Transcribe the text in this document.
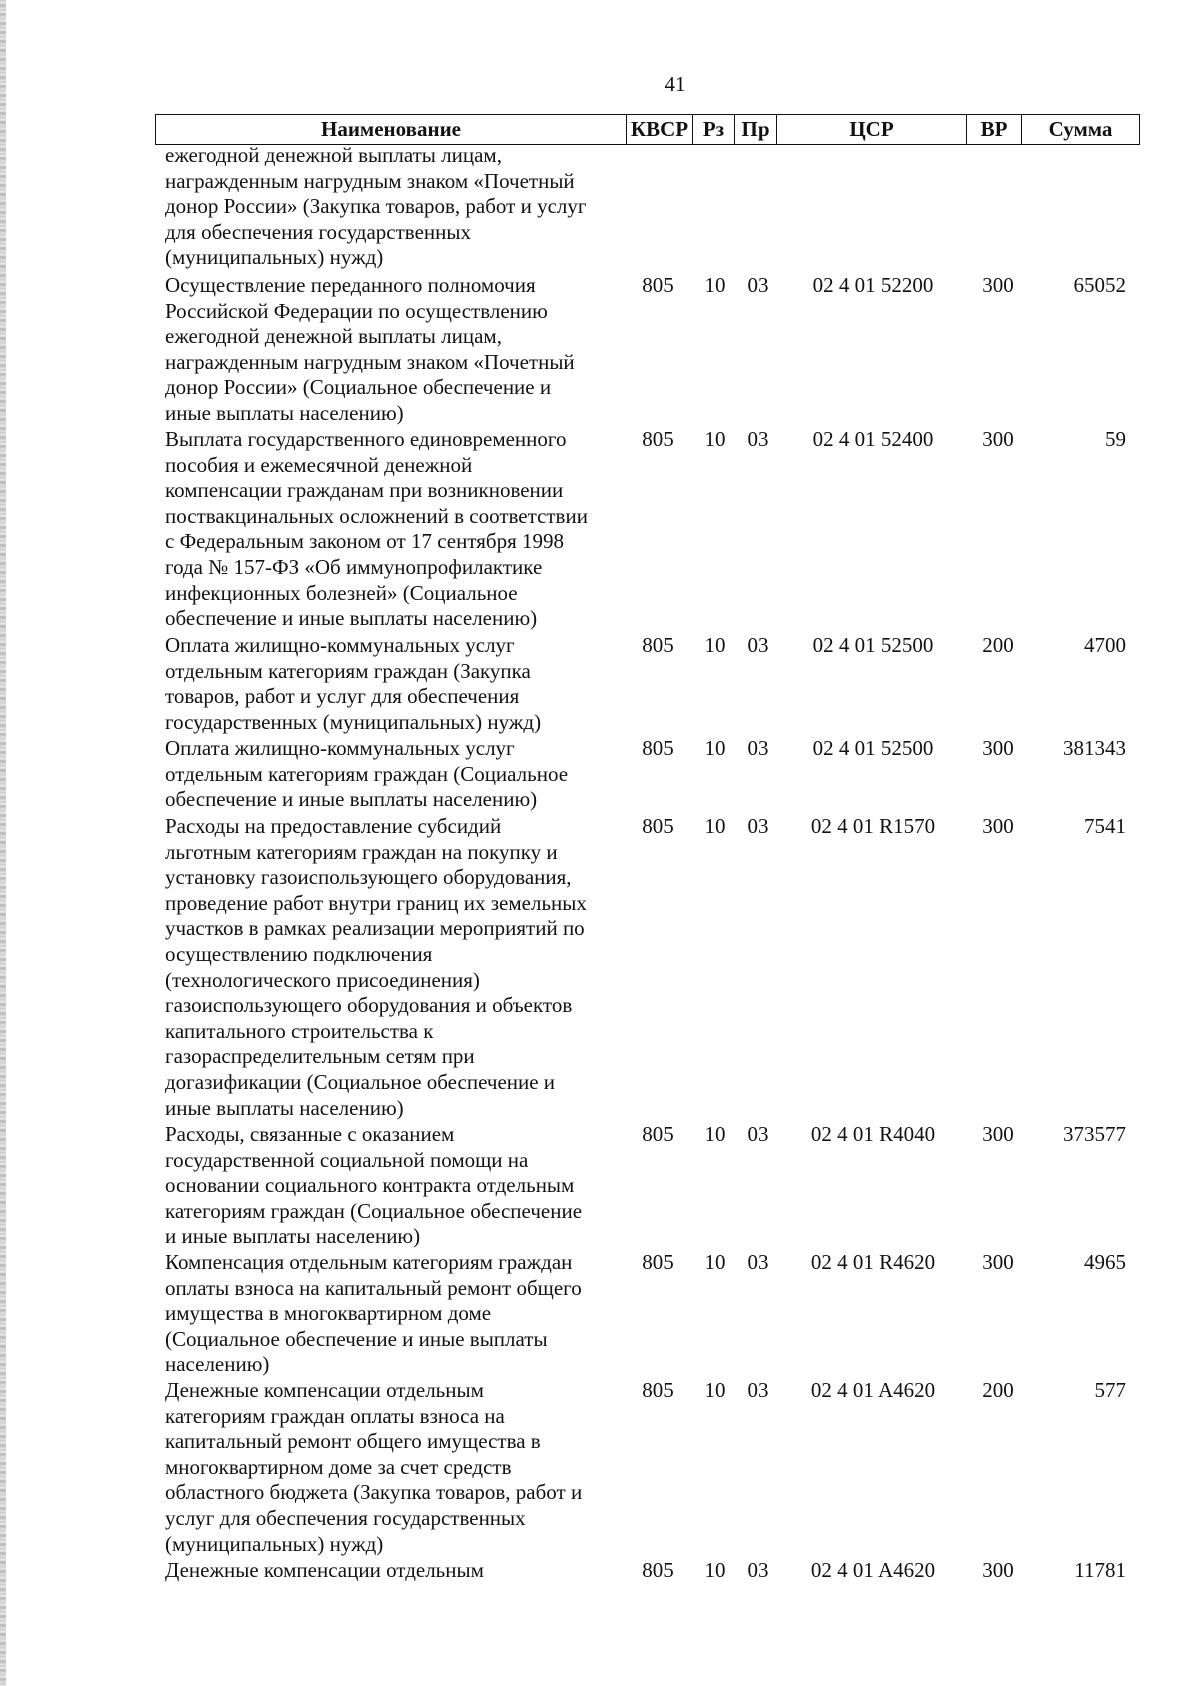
41
Наименование	КВСР Рз Пр	ЦСР	ВР	Сумма
ежегодной денежной выплаты лицам,
награжденным нагрудным знаком «Почетный
донор России» (Закупка товаров, работ и услуг
для обеспечения государственных
(муниципальных) нужд)
Осуществление переданного полномочия
Российской Федерации по осуществлению
ежегодной денежной выплаты лицам,
награжденным нагрудным знаком «Почетный
донор России» (Социальное обеспечение и
иные выплаты населению)
805	10 03	02 4 01 52200	300	65052
Выплата государственного единовременного
пособия и ежемесячной денежной
компенсации гражданам при возникновении
поствакцинальных осложнений в соответствии
с Федеральным законом от 17 сентября 1998
года № 157-ФЗ «Об иммунопрофилактике
инфекционных болезней» (Социальное
обеспечение и иные выплаты населению)
805	10 03	02 4 01 52400	300	59
Оплата жилищно-коммунальных услуг
отдельным категориям граждан (Закупка
товаров, работ и услуг для обеспечения
государственных (муниципальных) нужд)
805	10 03	02 4 01 52500	200	4700
Оплата жилищно-коммунальных услуг
отдельным категориям граждан (Социальное
обеспечение и иные выплаты населению)
805	10 03	02 4 01 52500	300	381343
Расходы на предоставление субсидий
льготным категориям граждан на покупку и
установку газоиспользующего оборудования,
проведение работ внутри границ их земельных
участков в рамках реализации мероприятий по
осуществлению подключения
(технологического присоединения)
газоиспользующего оборудования и объектов
капитального строительства к
газораспределительным сетям при
догазификации (Социальное обеспечение и
иные выплаты населению)
805	10 03	02 4 01 R1570	300	7541
Расходы, связанные с оказанием
государственной социальной помощи на
основании социального контракта отдельным
категориям граждан (Социальное обеспечение
и иные выплаты населению)
805	10 03	02 4 01 R4040	300	373577
Компенсация отдельным категориям граждан
оплаты взноса на капитальный ремонт общего
имущества в многоквартирном доме
(Социальное обеспечение и иные выплаты
населению)
805	10 03	02 4 01 R4620	300	4965
Денежные компенсации отдельным
категориям граждан оплаты взноса на
капитальный ремонт общего имущества в
многоквартирном доме за счет средств
областного бюджета (Закупка товаров, работ и
услуг для обеспечения государственных
(муниципальных) нужд)
805	10 03	02 4 01 A4620	200	577
Денежные компенсации отдельным	805	10 03	02 4 01 A4620	300	11781
